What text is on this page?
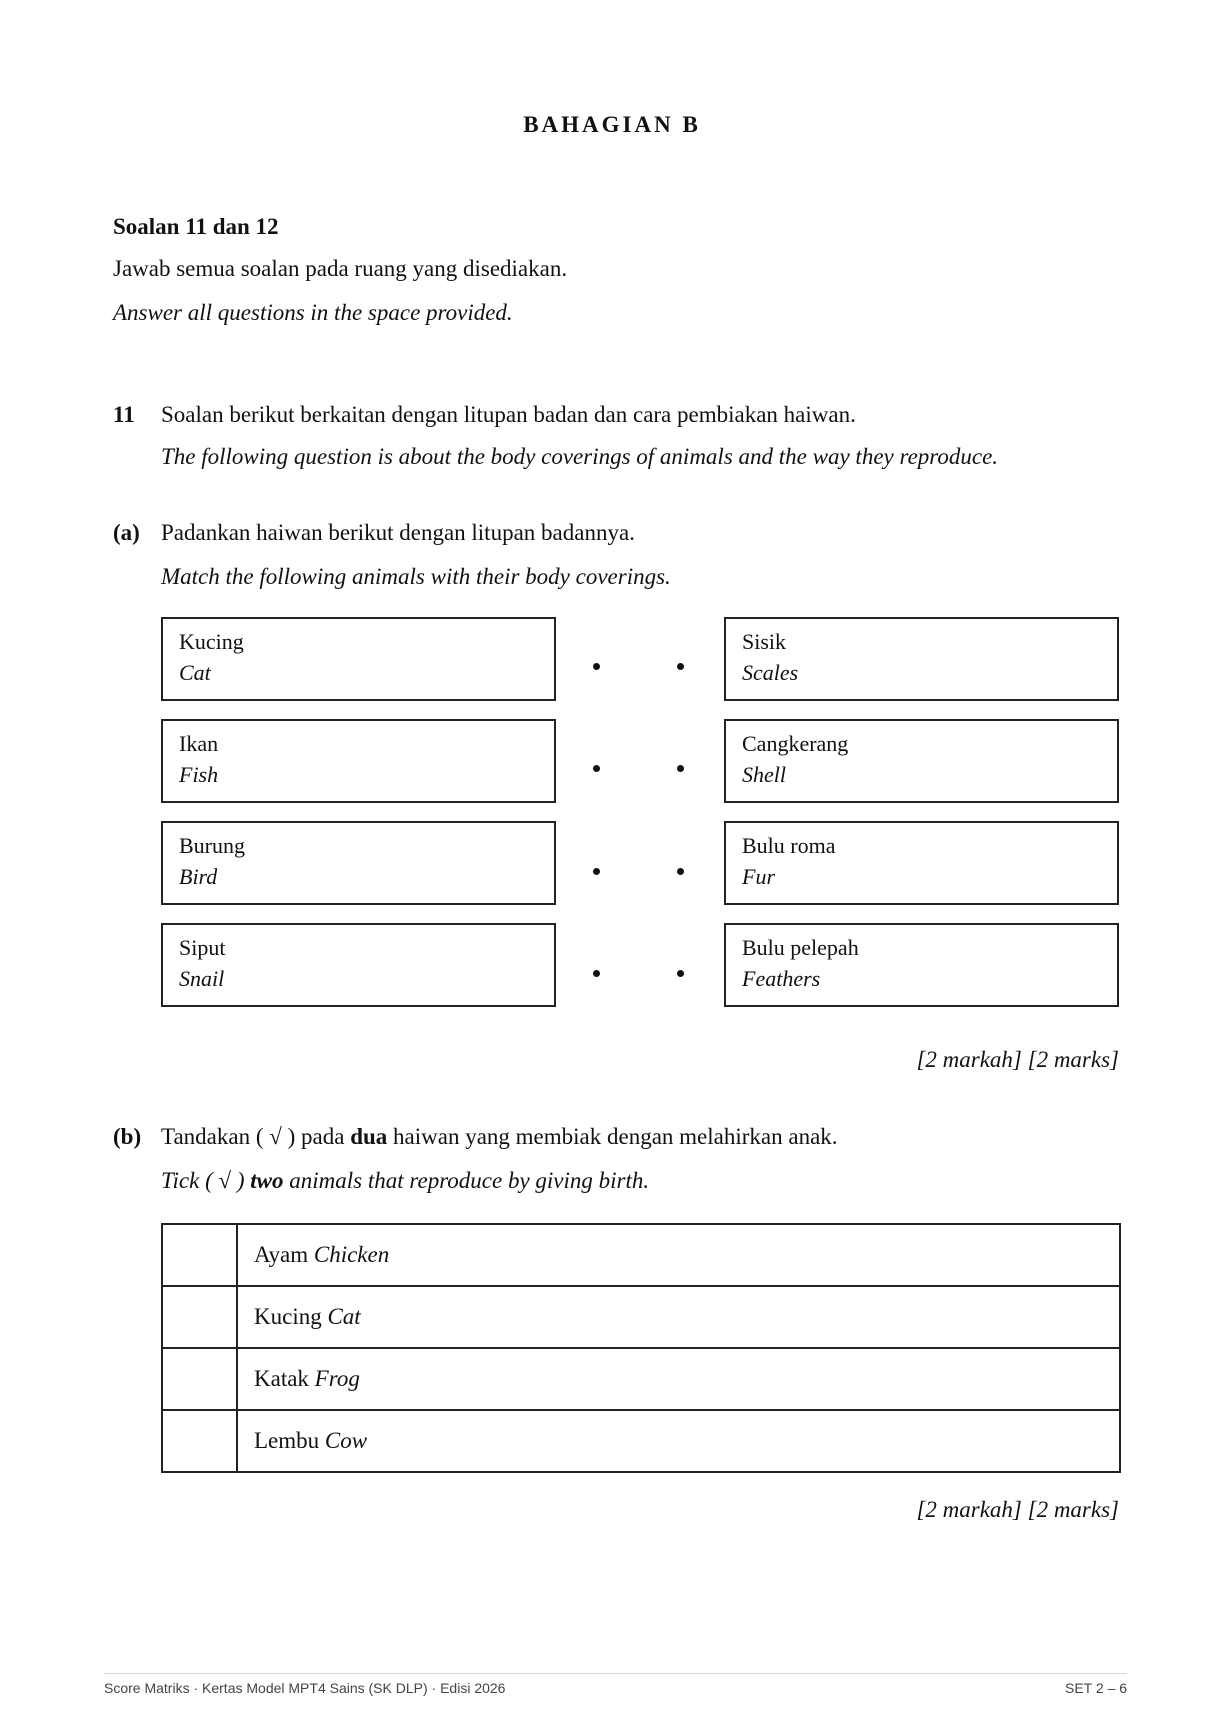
BAHAGIAN B
Soalan 11 dan 12
Jawab semua soalan pada ruang yang disediakan.
Answer all questions in the space provided.
11 Soalan berikut berkaitan dengan litupan badan dan cara pembiakan haiwan.
The following question is about the body coverings of animals and the way they reproduce.
(a) Padankan haiwan berikut dengan litupan badannya.
Match the following animals with their body coverings.
Kucing
Cat
Ikan
Fish
Burung
Bird
Siput
Snail
Sisik
Scales
Cangkerang
Shell
Bulu roma
Fur
Bulu pelepah
Feathers
[2 markah] [2 marks]
(b) Tandakan ( √ ) pada dua haiwan yang membiak dengan melahirkan anak.
Tick ( √ ) two animals that reproduce by giving birth.
	Ayam Chicken
	Kucing Cat
	Katak Frog
	Lembu Cow
[2 markah] [2 marks]
Score Matriks · Kertas Model MPT4 Sains (SK DLP) · Edisi 2026	SET 2 – 6
